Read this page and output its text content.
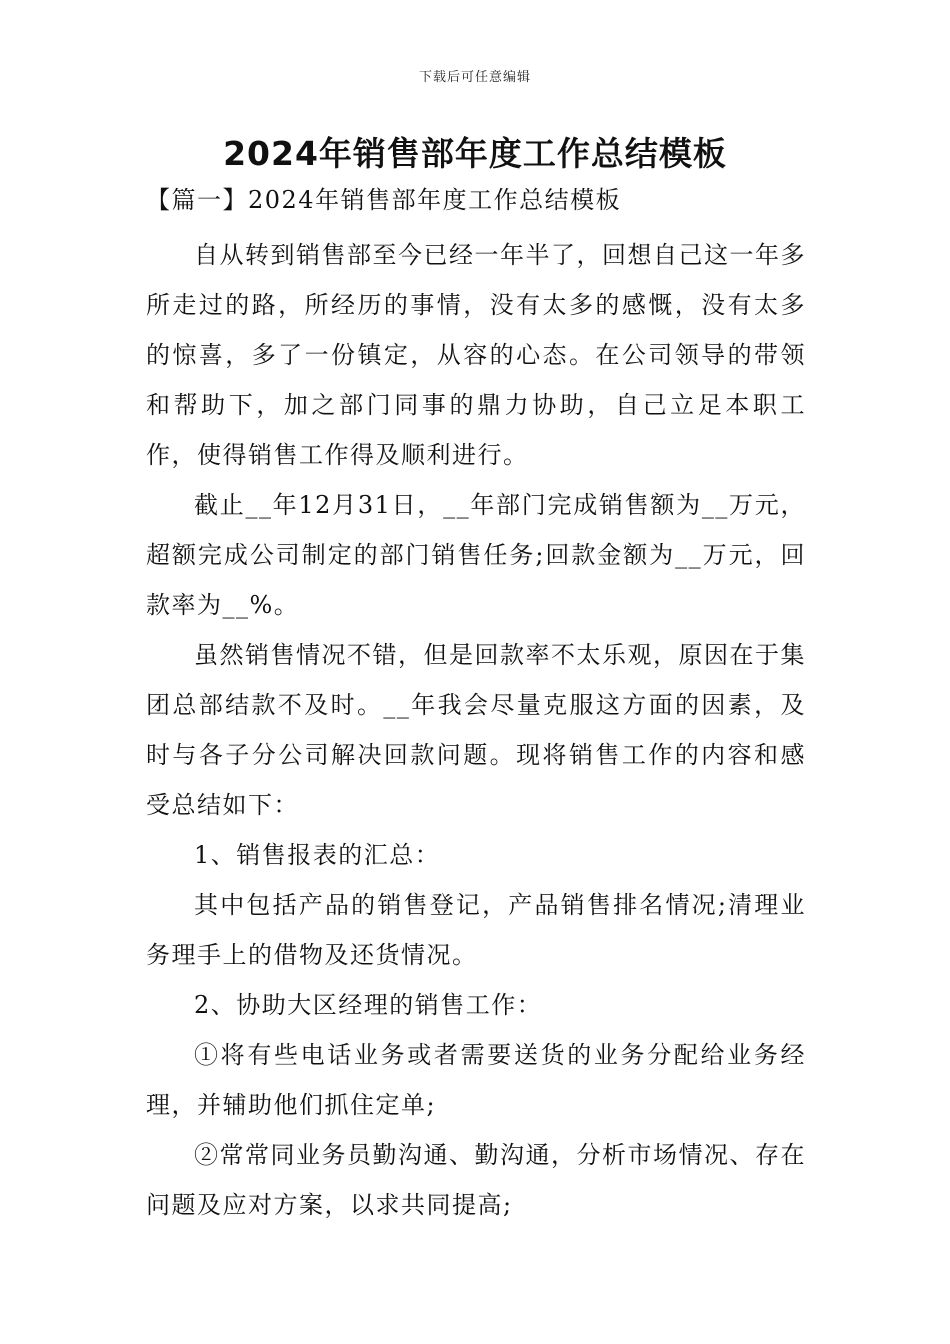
下载后可任意编辑
2024年销售部年度工作总结模板

【篇一】2024年销售部年度工作总结模板

自从转到销售部至今已经一年半了，回想自己这一年多所走过的路，所经历的事情，没有太多的感慨，没有太多的惊喜，多了一份镇定，从容的心态。在公司领导的带领和帮助下，加之部门同事的鼎力协助，自己立足本职工作，使得销售工作得及顺利进行。

截止__年12月31日，__年部门完成销售额为__万元，超额完成公司制定的部门销售任务;回款金额为__万元，回款率为__%。

虽然销售情况不错，但是回款率不太乐观，原因在于集团总部结款不及时。__年我会尽量克服这方面的因素，及时与各子分公司解决回款问题。现将销售工作的内容和感受总结如下：

1、销售报表的汇总：

其中包括产品的销售登记，产品销售排名情况;清理业务理手上的借物及还货情况。

2、协助大区经理的销售工作：

①将有些电话业务或者需要送货的业务分配给业务经理，并辅助他们抓住定单;

②常常同业务员勤沟通、勤沟通，分析市场情况、存在问题及应对方案，以求共同提高;
